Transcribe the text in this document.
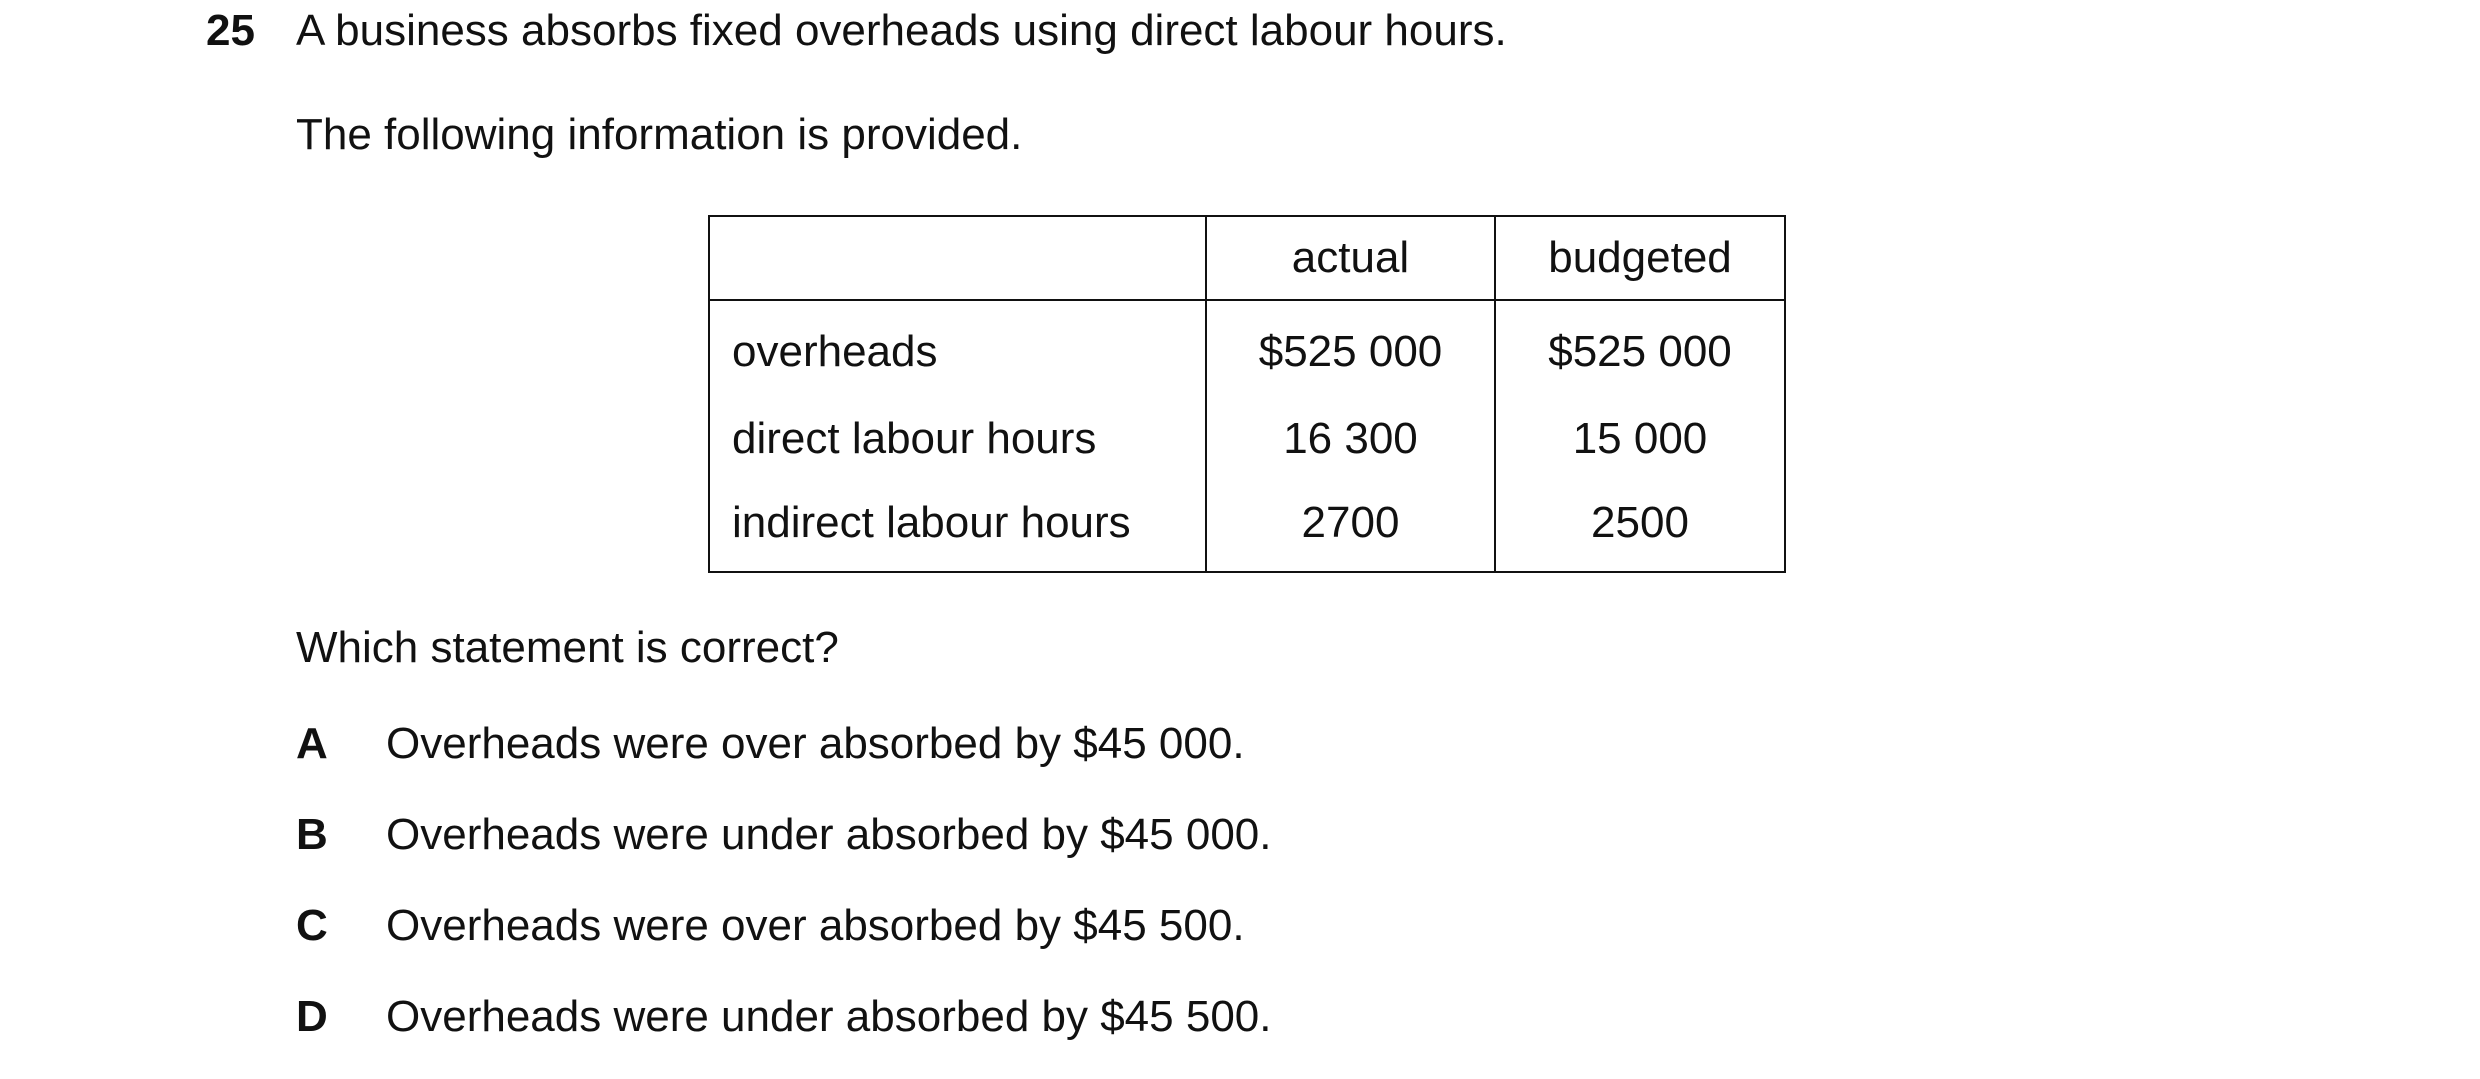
25 A business absorbs fixed overheads using direct labour hours.
The following information is provided.
	actual	budgeted
overheads	$525 000	$525 000
direct labour hours	16 300	15 000
indirect labour hours	2700	2500
Which statement is correct?
A Overheads were over absorbed by $45 000.
B Overheads were under absorbed by $45 000.
C Overheads were over absorbed by $45 500.
D Overheads were under absorbed by $45 500.
